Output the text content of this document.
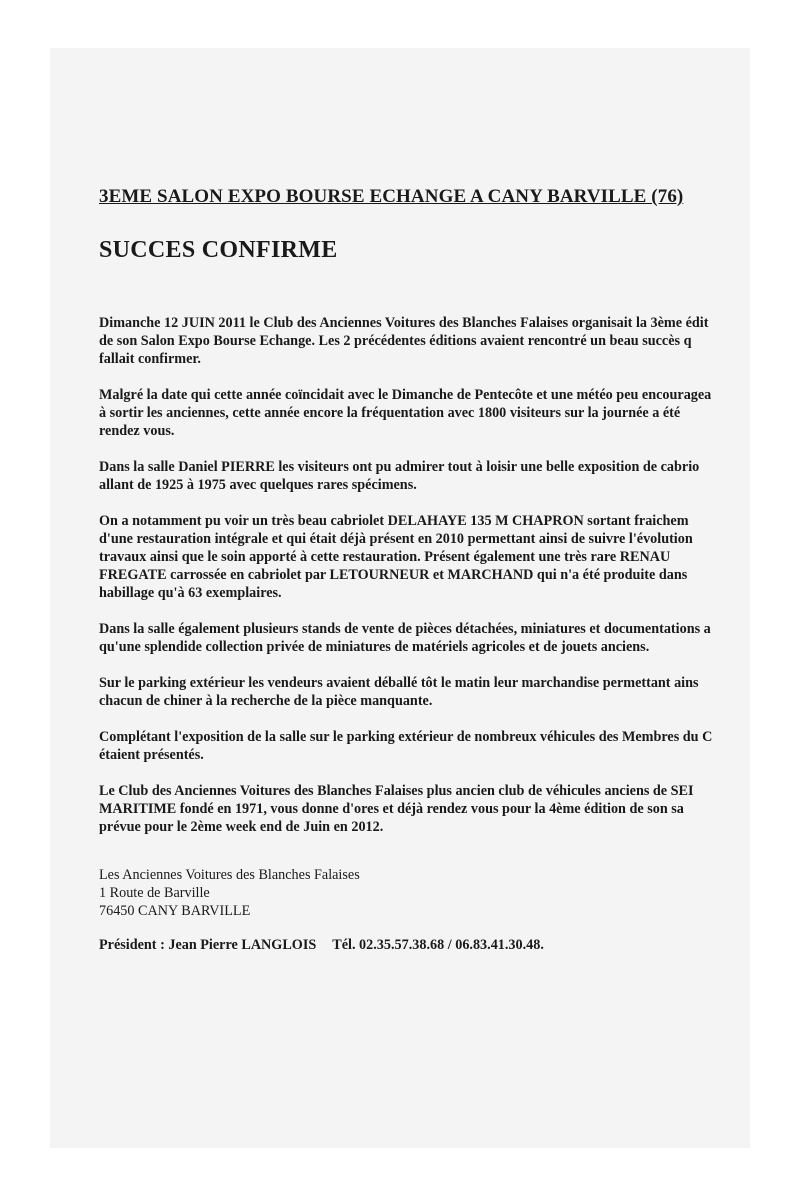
3EME SALON EXPO BOURSE ECHANGE A CANY BARVILLE (76)
SUCCES CONFIRME

Dimanche 12 JUIN 2011 le Club des Anciennes Voitures des Blanches Falaises organisait la 3ème édit
de son Salon Expo Bourse Echange. Les 2 précédentes éditions avaient rencontré un beau succès q
fallait confirmer.

Malgré la date qui cette année coïncidait avec le Dimanche de Pentecôte et une météo peu encouragea
à sortir les anciennes, cette année encore la fréquentation avec 1800 visiteurs sur la journée a été
rendez vous.

Dans la salle Daniel PIERRE les visiteurs ont pu admirer tout à loisir une belle exposition de cabrio
allant de 1925 à 1975 avec quelques rares spécimens.

On a notamment pu voir un très beau cabriolet DELAHAYE 135 M CHAPRON sortant fraichem
d'une restauration intégrale et qui était déjà présent en 2010 permettant ainsi de suivre l'évolution
travaux ainsi que le soin apporté à cette restauration. Présent également une très rare RENAU
FREGATE carrossée en cabriolet par LETOURNEUR et MARCHAND qui n'a été produite dans
habillage qu'à 63 exemplaires.

Dans la salle également plusieurs stands de vente de pièces détachées, miniatures et documentations a
qu'une splendide collection privée de miniatures de matériels agricoles et de jouets anciens.

Sur le parking extérieur les vendeurs avaient déballé tôt le matin leur marchandise permettant ains
chacun de chiner à la recherche de la pièce manquante.

Complétant l'exposition de la salle sur le parking extérieur de nombreux véhicules des Membres du C
étaient présentés.

Le Club des Anciennes Voitures des Blanches Falaises plus ancien club de véhicules anciens de SEI
MARITIME fondé en 1971, vous donne d'ores et déjà rendez vous pour la 4ème édition de son sa
prévue pour le 2ème week end de Juin en 2012.

Les Anciennes Voitures des Blanches Falaises
1 Route de Barville
76450 CANY BARVILLE
Président : Jean Pierre LANGLOIS Tél. 02.35.57.38.68 / 06.83.41.30.48.
